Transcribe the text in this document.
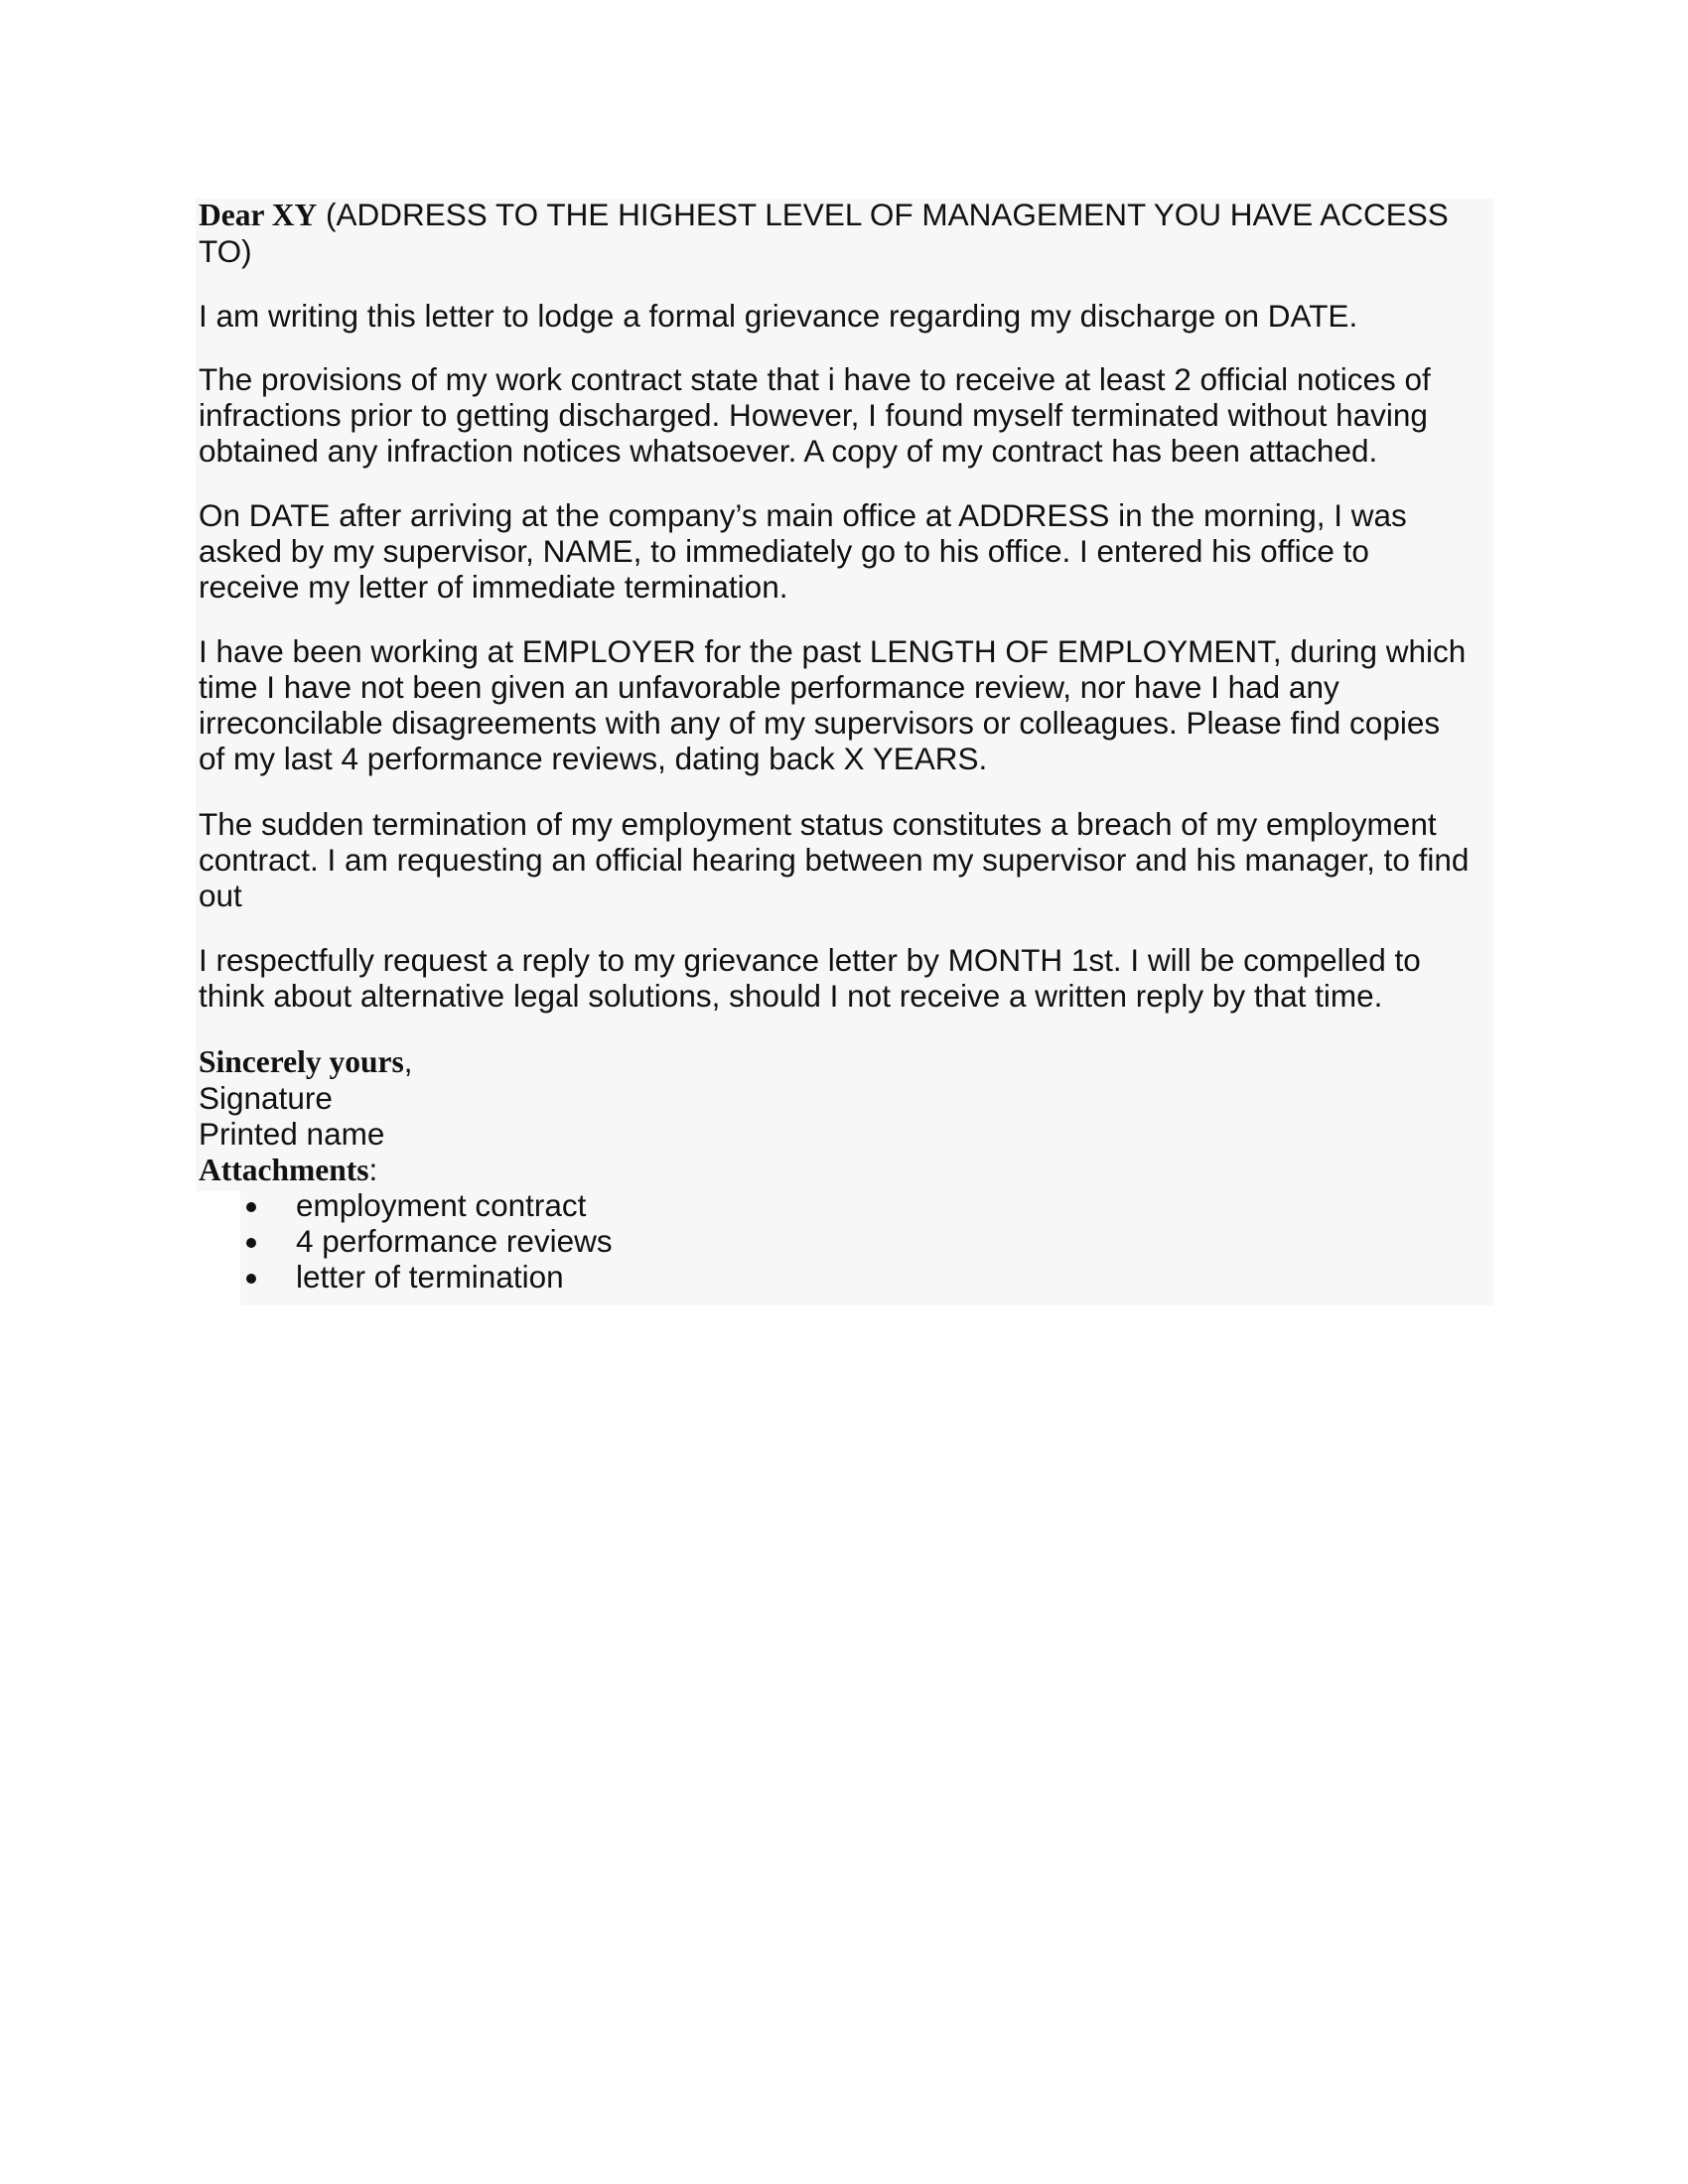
Dear XY (ADDRESS TO THE HIGHEST LEVEL OF MANAGEMENT YOU HAVE ACCESS
TO)
I am writing this letter to lodge a formal grievance regarding my discharge on DATE.
The provisions of my work contract state that i have to receive at least 2 official notices of
infractions prior to getting discharged. However, I found myself terminated without having
obtained any infraction notices whatsoever. A copy of my contract has been attached.
On DATE after arriving at the company’s main office at ADDRESS in the morning, I was
asked by my supervisor, NAME, to immediately go to his office. I entered his office to
receive my letter of immediate termination.
I have been working at EMPLOYER for the past LENGTH OF EMPLOYMENT, during which
time I have not been given an unfavorable performance review, nor have I had any
irreconcilable disagreements with any of my supervisors or colleagues. Please find copies
of my last 4 performance reviews, dating back X YEARS.
The sudden termination of my employment status constitutes a breach of my employment
contract. I am requesting an official hearing between my supervisor and his manager, to find
out
I respectfully request a reply to my grievance letter by MONTH 1st. I will be compelled to
think about alternative legal solutions, should I not receive a written reply by that time.
Sincerely yours,
Signature
Printed name
Attachments:
employment contract
4 performance reviews
letter of termination
